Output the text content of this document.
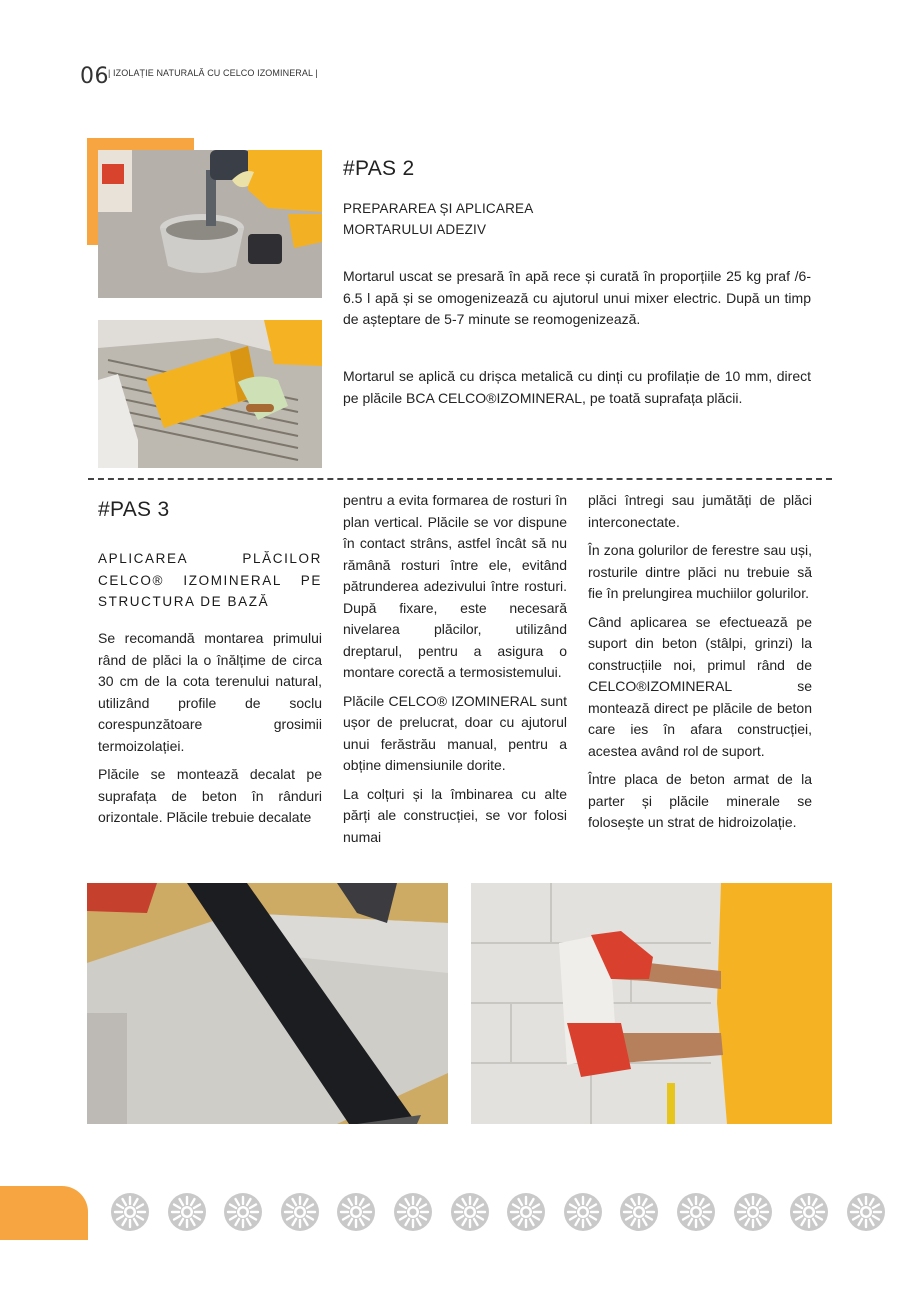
06 | IZOLAȚIE NATURALĂ CU CELCO IZOMINERAL |
#PAS 2
PREPARAREA ȘI APLICAREA
MORTARULUI ADEZIV

Mortarul uscat se presară în apă rece și curată în proporțiile 25 kg praf /6-6.5 l apă și se omogenizează cu ajutorul unui mixer electric. După un timp de așteptare de 5-7 minute se reomogenizează.

Mortarul se aplică cu drișca metalică cu dinți cu profilație de 10 mm, direct pe plăcile BCA CELCO®IZOMINERAL, pe toată suprafața plăcii.

#PAS 3
APLICAREA PLĂCILOR CELCO® IZOMINERAL PE STRUCTURA DE BAZĂ

Se recomandă montarea primului rând de plăci la o înălțime de circa 30 cm de la cota terenului natural, utilizând profile de soclu corespunzătoare grosimii termoizolației.

Plăcile se montează decalat pe suprafața de beton în rânduri orizontale. Plăcile trebuie decalate

pentru a evita formarea de rosturi în plan vertical. Plăcile se vor dispune în contact strâns, astfel încât să nu rămână rosturi între ele, evitând pătrunderea adezivului între rosturi. După fixare, este necesară nivelarea plăcilor, utilizând dreptarul, pentru a asigura o montare corectă a termosistemului.

Plăcile CELCO® IZOMINERAL sunt ușor de prelucrat, doar cu ajutorul unui ferăstrău manual, pentru a obține dimensiunile dorite.

La colțuri și la îmbinarea cu alte părți ale construcției, se vor folosi numai

plăci întregi sau jumătăți de plăci interconectate.

În zona golurilor de ferestre sau uși, rosturile dintre plăci nu trebuie să fie în prelungirea muchiilor golurilor.

Când aplicarea se efectuează pe suport din beton (stâlpi, grinzi) la construcțiile noi, primul rând de CELCO®IZOMINERAL se montează direct pe plăcile de beton care ies în afara construcției, acestea având rol de suport.

Între placa de beton armat de la parter și plăcile minerale se folosește un strat de hidroizolație.
